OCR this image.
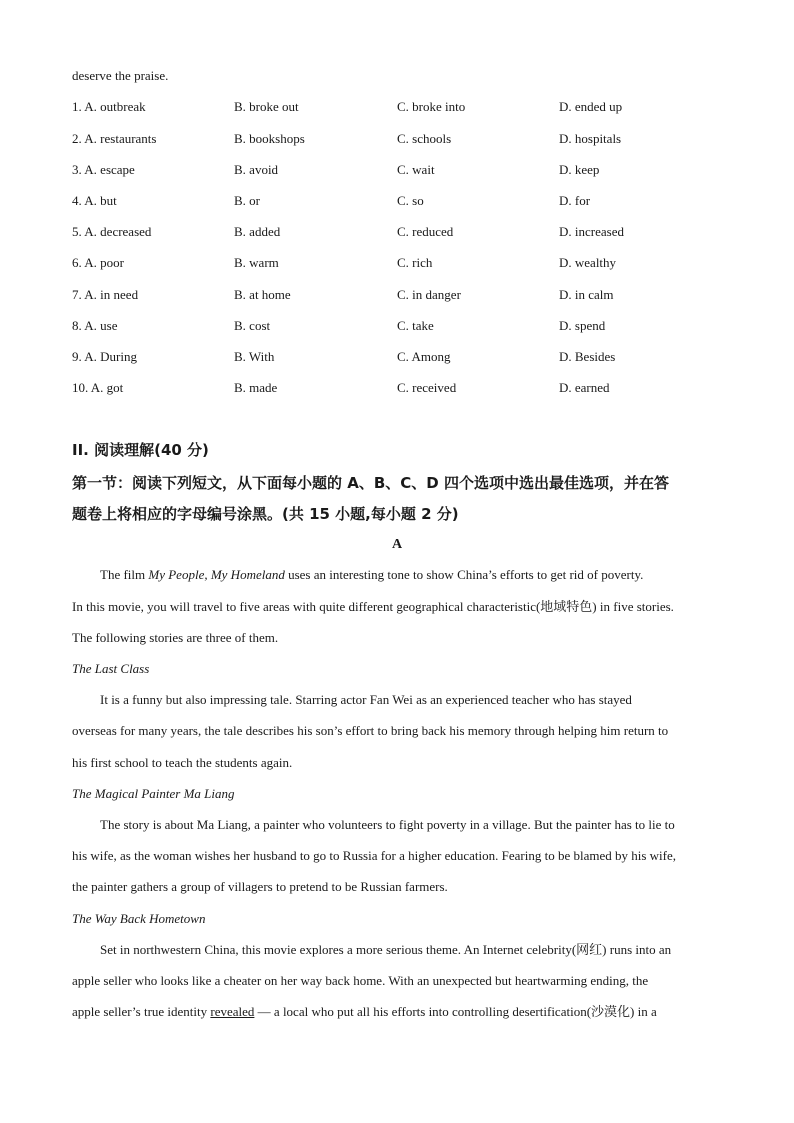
deserve the praise.
1. A. outbreak	B. broke out	C. broke into	D. ended up
2. A. restaurants	B. bookshops	C. schools	D. hospitals
3. A. escape	B. avoid	C. wait	D. keep
4. A. but	B. or	C. so	D. for
5. A. decreased	B. added	C. reduced	D. increased
6. A. poor	B. warm	C. rich	D. wealthy
7. A. in need	B. at home	C. in danger	D. in calm
8. A. use	B. cost	C. take	D. spend
9. A. During	B. With	C. Among	D. Besides
10. A. got	B. made	C. received	D. earned
II. 阅读理解(40 分)
第一节：阅读下列短文，从下面每小题的 A、B、C、D 四个选项中选出最佳选项，并在答
题卷上将相应的字母编号涂黑。(共 15 小题,每小题 2 分)
A
The film My People, My Homeland uses an interesting tone to show China’s efforts to get rid of poverty.
In this movie, you will travel to five areas with quite different geographical characteristic(地域特色) in five stories.
The following stories are three of them.
The Last Class
It is a funny but also impressing tale. Starring actor Fan Wei as an experienced teacher who has stayed
overseas for many years, the tale describes his son’s effort to bring back his memory through helping him return to
his first school to teach the students again.
The Magical Painter Ma Liang
The story is about Ma Liang, a painter who volunteers to fight poverty in a village. But the painter has to lie to
his wife, as the woman wishes her husband to go to Russia for a higher education. Fearing to be blamed by his wife,
the painter gathers a group of villagers to pretend to be Russian farmers.
The Way Back Hometown
Set in northwestern China, this movie explores a more serious theme. An Internet celebrity(网红) runs into an
apple seller who looks like a cheater on her way back home. With an unexpected but heartwarming ending, the
apple seller’s true identity revealed — a local who put all his efforts into controlling desertification(沙漠化) in a
